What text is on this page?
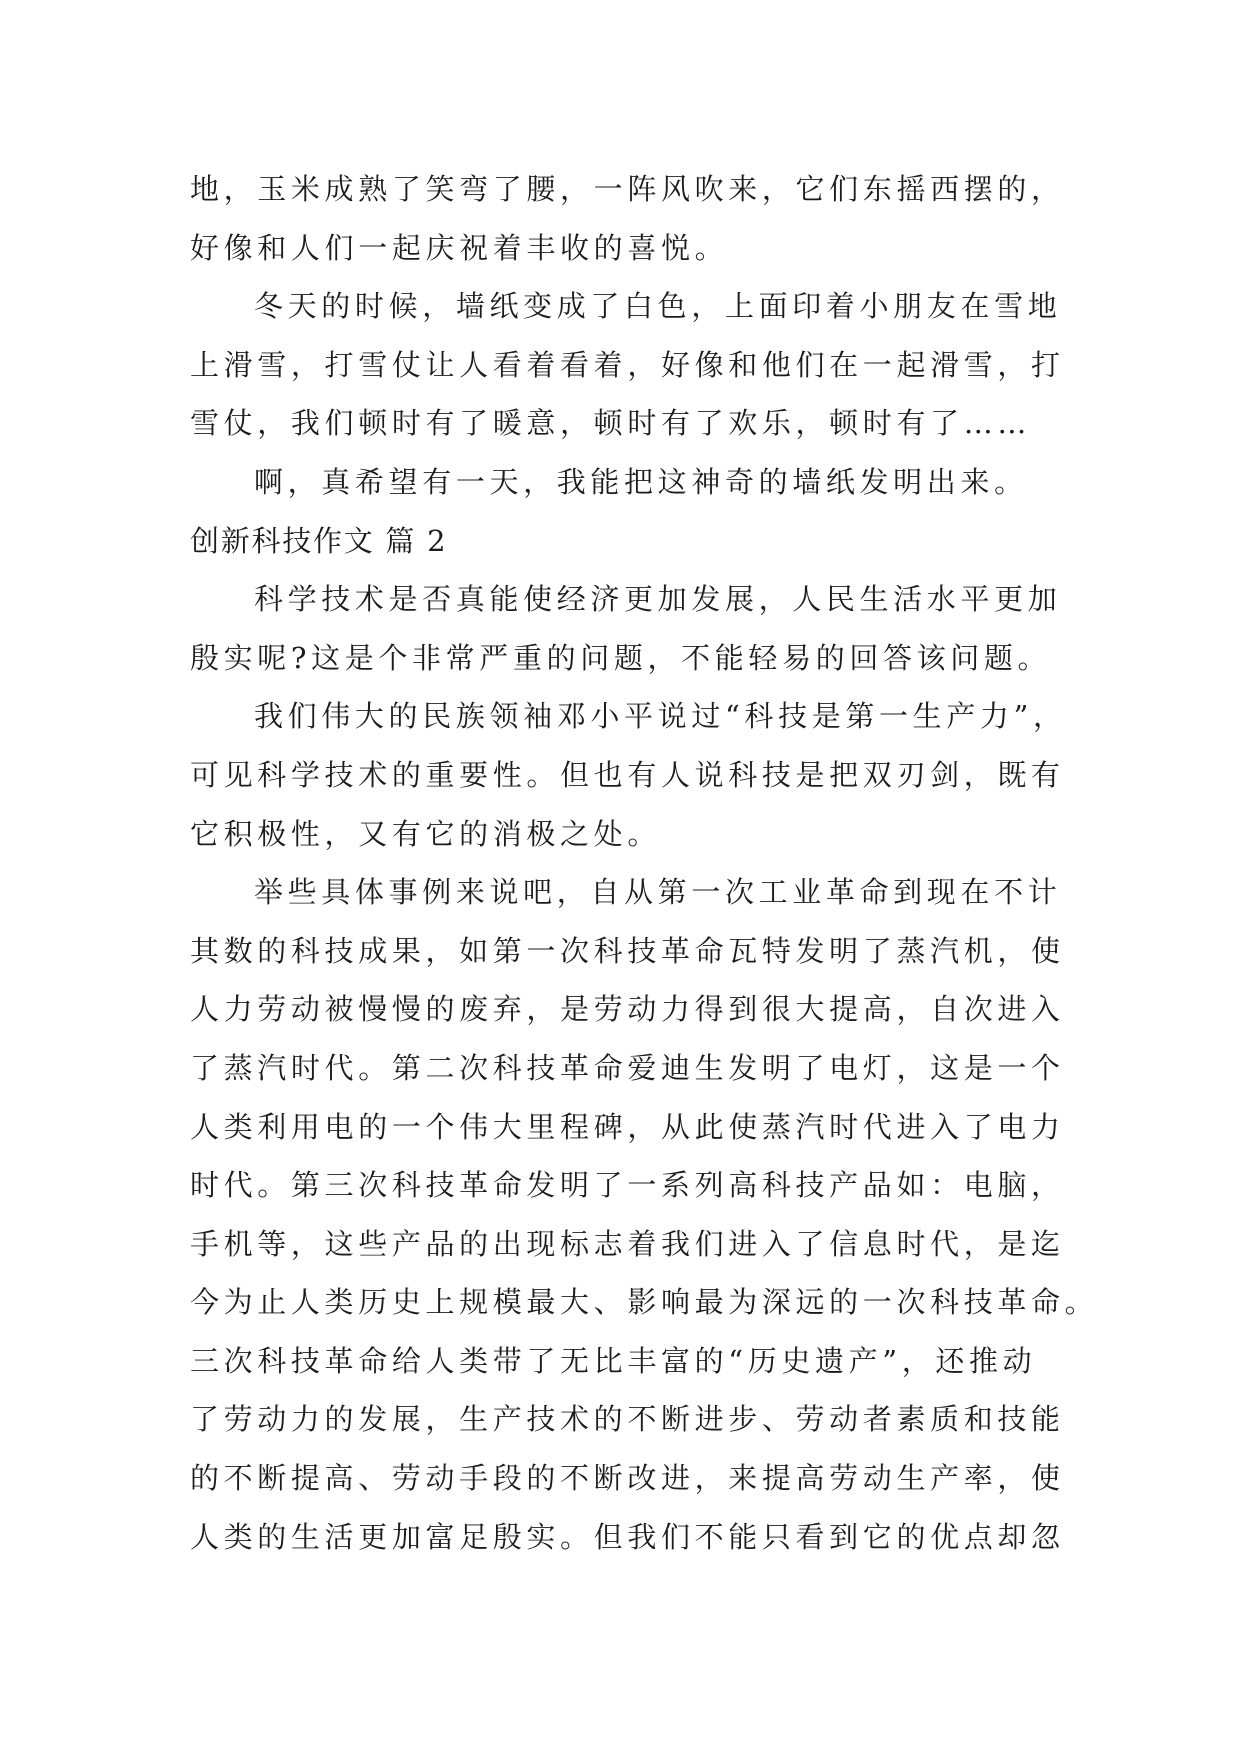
地，玉米成熟了笑弯了腰，一阵风吹来，它们东摇西摆的，
好像和人们一起庆祝着丰收的喜悦。
冬天的时候，墙纸变成了白色，上面印着小朋友在雪地
上滑雪，打雪仗让人看着看着，好像和他们在一起滑雪，打
雪仗，我们顿时有了暖意，顿时有了欢乐，顿时有了……
啊，真希望有一天，我能把这神奇的墙纸发明出来。
创新科技作文 篇 2
科学技术是否真能使经济更加发展，人民生活水平更加
殷实呢?这是个非常严重的问题，不能轻易的回答该问题。
我们伟大的民族领袖邓小平说过“科技是第一生产力”，
可见科学技术的重要性。但也有人说科技是把双刃剑，既有
它积极性，又有它的消极之处。
举些具体事例来说吧，自从第一次工业革命到现在不计
其数的科技成果，如第一次科技革命瓦特发明了蒸汽机，使
人力劳动被慢慢的废弃，是劳动力得到很大提高，自次进入
了蒸汽时代。第二次科技革命爱迪生发明了电灯，这是一个
人类利用电的一个伟大里程碑，从此使蒸汽时代进入了电力
时代。第三次科技革命发明了一系列高科技产品如：电脑，
手机等，这些产品的出现标志着我们进入了信息时代，是迄
今为止人类历史上规模最大、影响最为深远的一次科技革命。
三次科技革命给人类带了无比丰富的“历史遗产”，还推动
了劳动力的发展，生产技术的不断进步、劳动者素质和技能
的不断提高、劳动手段的不断改进，来提高劳动生产率，使
人类的生活更加富足殷实。但我们不能只看到它的优点却忽
